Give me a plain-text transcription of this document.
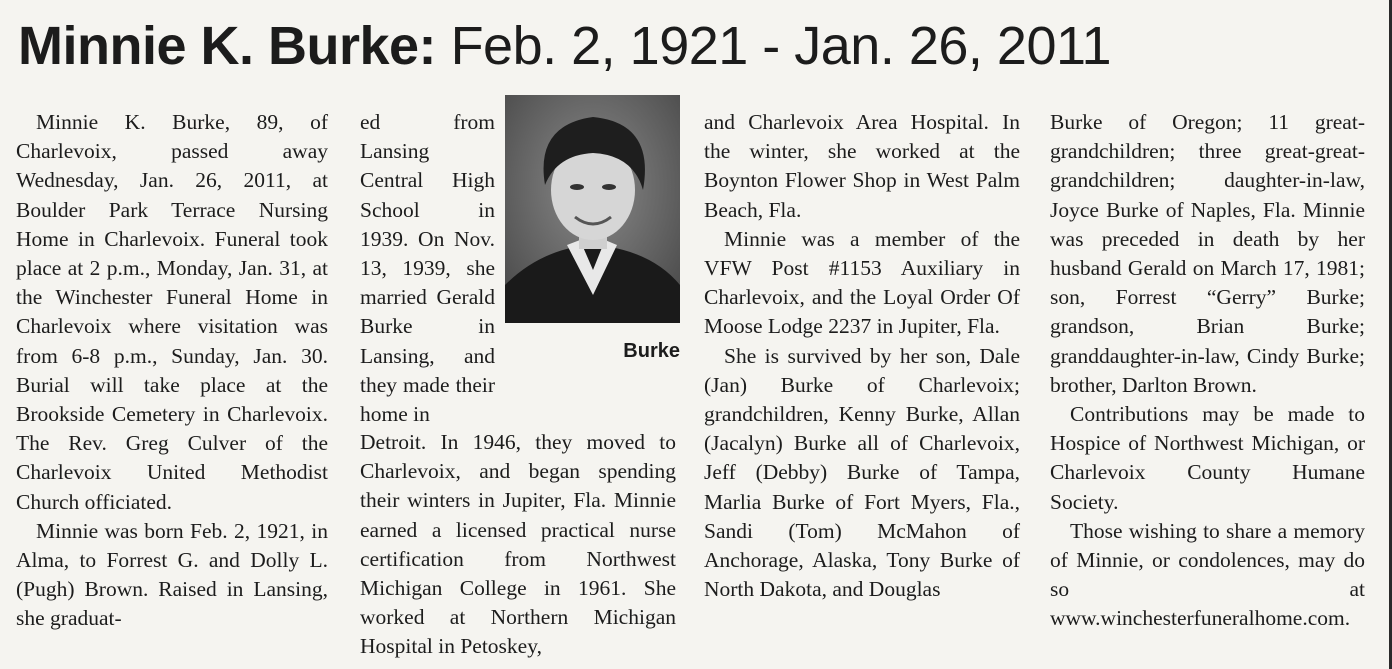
Minnie K. Burke: Feb. 2, 1921 - Jan. 26, 2011

Minnie K. Burke, 89, of Charlevoix, passed away Wednesday, Jan. 26, 2011, at Boulder Park Terrace Nursing Home in Charlevoix. Funeral took place at 2 p.m., Monday, Jan. 31, at the Winchester Funeral Home in Charlevoix where visitation was from 6-8 p.m., Sunday, Jan. 30. Burial will take place at the Brookside Cemetery in Charlevoix. The Rev. Greg Culver of the Charlevoix United Methodist Church officiated.

Minnie was born Feb. 2, 1921, in Alma, to Forrest G. and Dolly L. (Pugh) Brown. Raised in Lansing, she graduat-

ed from Lansing Central High School in 1939. On Nov. 13, 1939, she married Gerald Burke in Lansing, and they made their home in

Burke

Detroit. In 1946, they moved to Charlevoix, and began spending their winters in Jupiter, Fla. Minnie earned a licensed practical nurse certification from Northwest Michigan College in 1961. She worked at Northern Michigan Hospital in Petoskey,

and Charlevoix Area Hospital. In the winter, she worked at the Boynton Flower Shop in West Palm Beach, Fla.

Minnie was a member of the VFW Post #1153 Auxiliary in Charlevoix, and the Loyal Order Of Moose Lodge 2237 in Jupiter, Fla.

She is survived by her son, Dale (Jan) Burke of Charlevoix; grandchildren, Kenny Burke, Allan (Jacalyn) Burke all of Charlevoix, Jeff (Debby) Burke of Tampa, Marlia Burke of Fort Myers, Fla., Sandi (Tom) McMahon of Anchorage, Alaska, Tony Burke of North Dakota, and Douglas

Burke of Oregon; 11 great-grandchildren; three great-great-grandchildren; daughter-in-law, Joyce Burke of Naples, Fla. Minnie was preceded in death by her husband Gerald on March 17, 1981; son, Forrest “Gerry” Burke; grandson, Brian Burke; granddaughter-in-law, Cindy Burke; brother, Darlton Brown.

Contributions may be made to Hospice of Northwest Michigan, or Charlevoix County Humane Society.

Those wishing to share a memory of Minnie, or condolences, may do so at www.winchesterfuneralhome.com.
